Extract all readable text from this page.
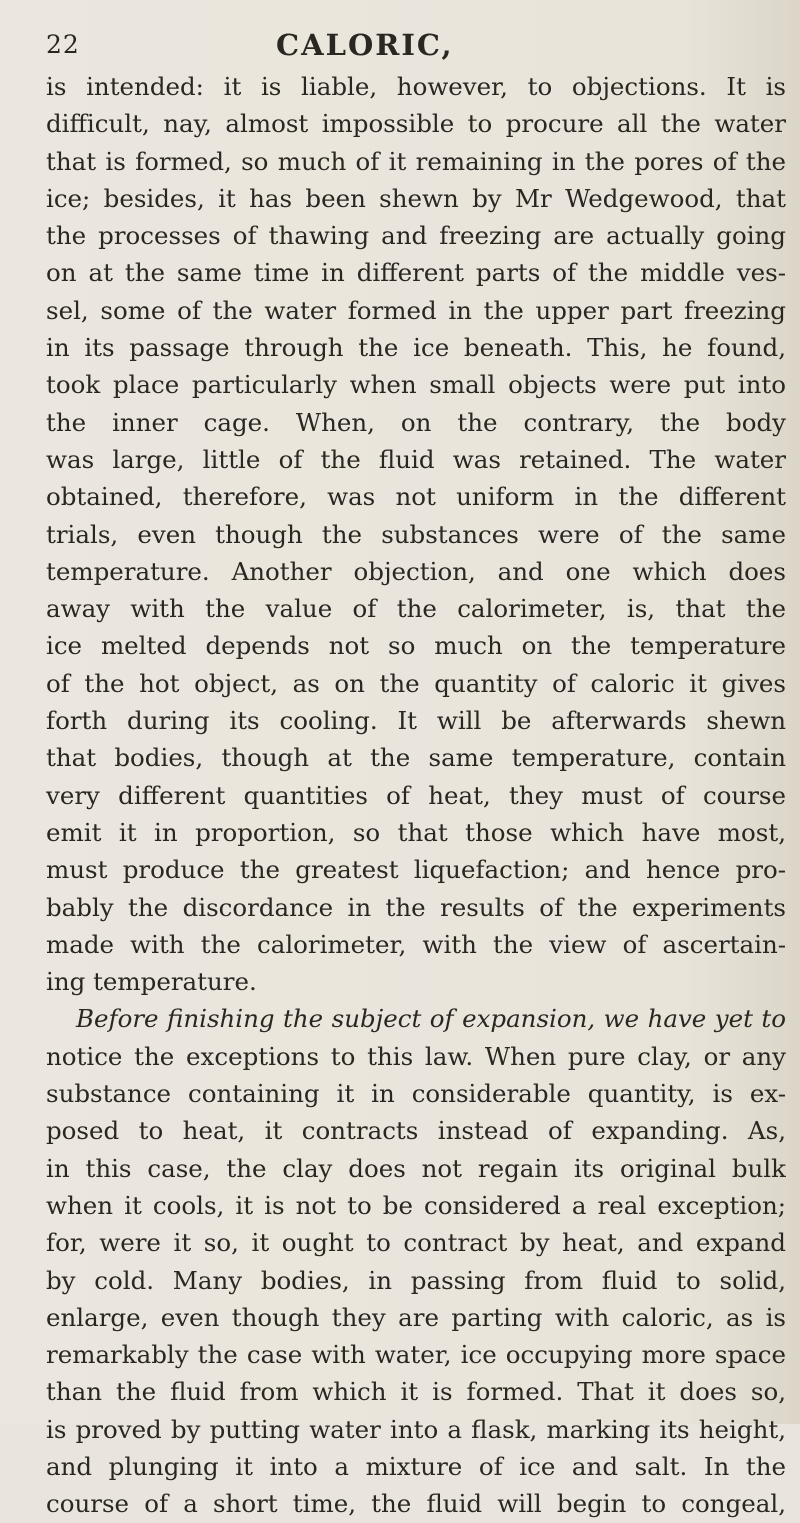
22	CALORIC,
is intended: it is liable, however, to objections. It is
difficult, nay, almost impossible to procure all the water
that is formed, so much of it remaining in the pores of the
ice; besides, it has been shewn by Mr Wedgewood, that
the processes of thawing and freezing are actually going
on at the same time in different parts of the middle ves-
sel, some of the water formed in the upper part freezing
in its passage through the ice beneath. This, he found,
took place particularly when small objects were put into
the inner cage. When, on the contrary, the body
was large, little of the fluid was retained. The water
obtained, therefore, was not uniform in the different
trials, even though the substances were of the same
temperature. Another objection, and one which does
away with the value of the calorimeter, is, that the
ice melted depends not so much on the temperature
of the hot object, as on the quantity of caloric it gives
forth during its cooling. It will be afterwards shewn
that bodies, though at the same temperature, contain
very different quantities of heat, they must of course
emit it in proportion, so that those which have most,
must produce the greatest liquefaction; and hence pro-
bably the discordance in the results of the experiments
made with the calorimeter, with the view of ascertain-
ing temperature.
Before finishing the subject of expansion, we have yet to
notice the exceptions to this law. When pure clay, or any
substance containing it in considerable quantity, is ex-
posed to heat, it contracts instead of expanding. As,
in this case, the clay does not regain its original bulk
when it cools, it is not to be considered a real exception;
for, were it so, it ought to contract by heat, and expand
by cold. Many bodies, in passing from fluid to solid,
enlarge, even though they are parting with caloric, as is
remarkably the case with water, ice occupying more space
than the fluid from which it is formed. That it does so,
is proved by putting water into a flask, marking its height,
and plunging it into a mixture of ice and salt. In the
course of a short time, the fluid will begin to congeal,
